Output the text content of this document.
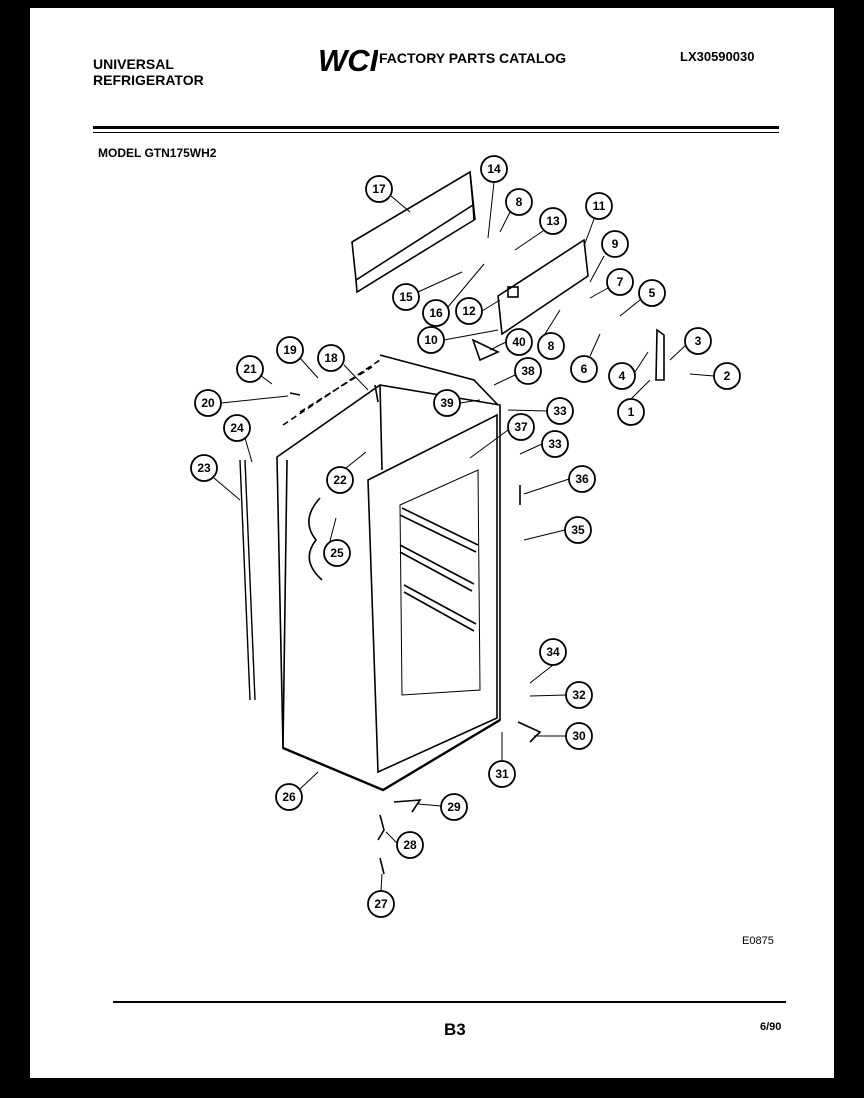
UNIVERSAL REFRIGERATOR
WCI FACTORY PARTS CATALOG	LX30590030
MODEL GTN175WH2
E0875
B3	6/90
1
2
3
4
5
6
7
8
8
9
10
11
12
13
14
15
16
17
18
19
20
21
22
23
24
25
26
27
28
29
30
31
32
33
33
34
35
36
37
38
39
40
